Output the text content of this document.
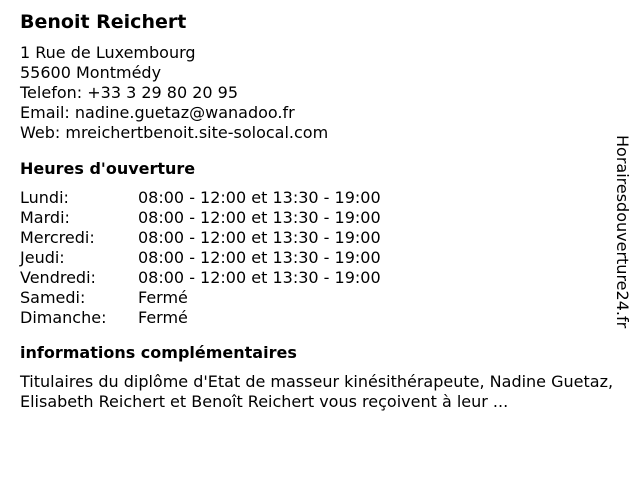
Benoit Reichert
1 Rue de Luxembourg
55600 Montmédy
Telefon: +33 3 29 80 20 95
Email: nadine.guetaz@wanadoo.fr
Web: mreichertbenoit.site-solocal.com
Heures d'ouverture
Lundi:	08:00 - 12:00 et 13:30 - 19:00
Mardi:	08:00 - 12:00 et 13:30 - 19:00
Mercredi:	08:00 - 12:00 et 13:30 - 19:00
Jeudi:	08:00 - 12:00 et 13:30 - 19:00
Vendredi:	08:00 - 12:00 et 13:30 - 19:00
Samedi:	Fermé
Dimanche: Fermé
informations complémentaires
Titulaires du diplôme d'Etat de masseur kinésithérapeute, Nadine Guetaz, Elisabeth Reichert et Benoît Reichert vous reçoivent à leur ...
Horairesdouverture24.fr
